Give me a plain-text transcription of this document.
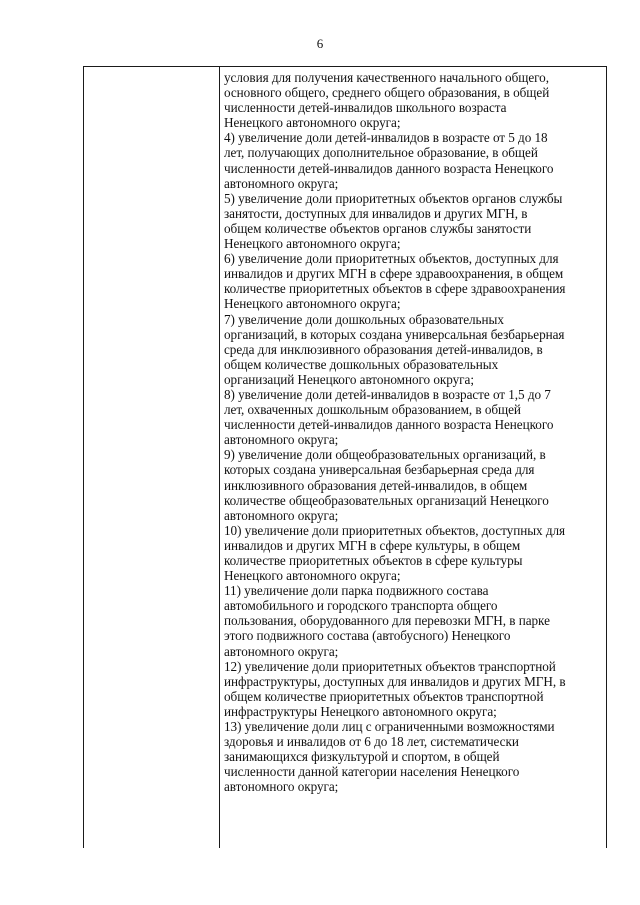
6
условия для получения качественного начального общего,
основного общего, среднего общего образования, в общей
численности детей-инвалидов школьного возраста
Ненецкого автономного округа;
4) увеличение доли детей-инвалидов в возрасте от 5 до 18
лет, получающих дополнительное образование, в общей
численности детей-инвалидов данного возраста Ненецкого
автономного округа;
5) увеличение доли приоритетных объектов органов службы
занятости, доступных для инвалидов и других МГН, в
общем количестве объектов органов службы занятости
Ненецкого автономного округа;
6) увеличение доли приоритетных объектов, доступных для
инвалидов и других МГН в сфере здравоохранения, в общем
количестве приоритетных объектов в сфере здравоохранения
Ненецкого автономного округа;
7) увеличение доли дошкольных образовательных
организаций, в которых создана универсальная безбарьерная
среда для инклюзивного образования детей-инвалидов, в
общем количестве дошкольных образовательных
организаций Ненецкого автономного округа;
8) увеличение доли детей-инвалидов в возрасте от 1,5 до 7
лет, охваченных дошкольным образованием, в общей
численности детей-инвалидов данного возраста Ненецкого
автономного округа;
9) увеличение доли общеобразовательных организаций, в
которых создана универсальная безбарьерная среда для
инклюзивного образования детей-инвалидов, в общем
количестве общеобразовательных организаций Ненецкого
автономного округа;
10) увеличение доли приоритетных объектов, доступных для
инвалидов и других МГН в сфере культуры, в общем
количестве приоритетных объектов в сфере культуры
Ненецкого автономного округа;
11) увеличение доли парка подвижного состава
автомобильного и городского транспорта общего
пользования, оборудованного для перевозки МГН, в парке
этого подвижного состава (автобусного) Ненецкого
автономного округа;
12) увеличение доли приоритетных объектов транспортной
инфраструктуры, доступных для инвалидов и других МГН, в
общем количестве приоритетных объектов транспортной
инфраструктуры Ненецкого автономного округа;
13) увеличение доли лиц с ограниченными возможностями
здоровья и инвалидов от 6 до 18 лет, систематически
занимающихся физкультурой и спортом, в общей
численности данной категории населения Ненецкого
автономного округа;
